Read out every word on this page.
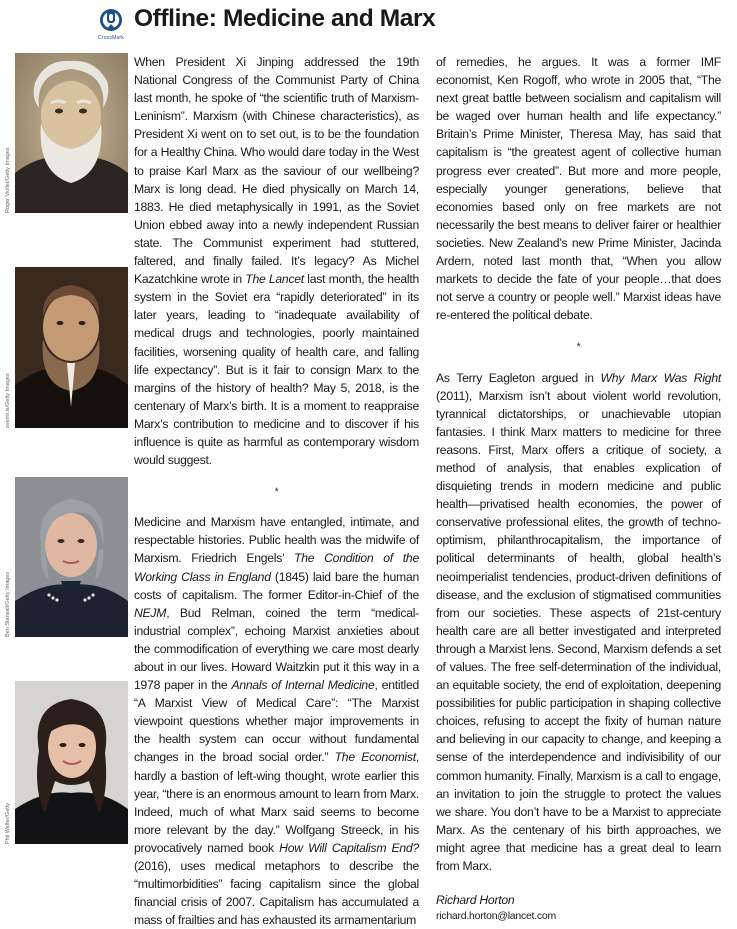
CrossMark
Offline: Medicine and Marx
Roger Viollet/Getty Images
sverrir.is/Getty Images
Ben Stansall/Getty Images
Phil Walter/Getty

When President Xi Jinping addressed the 19th National Congress of the Communist Party of China last month, he spoke of “the scientific truth of Marxism-Leninism”. Marxism (with Chinese characteristics), as President Xi went on to set out, is to be the foundation for a Healthy China. Who would dare today in the West to praise Karl Marx as the saviour of our wellbeing? Marx is long dead. He died physically on March 14, 1883. He died metaphysically in 1991, as the Soviet Union ebbed away into a newly independent Russian state. The Communist experiment had stuttered, faltered, and finally failed. It’s legacy? As Michel Kazatchkine wrote in The Lancet last month, the health system in the Soviet era “rapidly deteriorated” in its later years, leading to “inadequate availability of medical drugs and technologies, poorly maintained facilities, worsening quality of health care, and falling life expectancy”. But is it fair to consign Marx to the margins of the history of health? May 5, 2018, is the centenary of Marx’s birth. It is a moment to reappraise Marx’s contribution to medicine and to discover if his influence is quite as harmful as contemporary wisdom would suggest.

*

Medicine and Marxism have entangled, intimate, and respectable histories. Public health was the midwife of Marxism. Friedrich Engels’ The Condition of the Working Class in England (1845) laid bare the human costs of capitalism. The former Editor-in-Chief of the NEJM, Bud Relman, coined the term “medical-industrial complex”, echoing Marxist anxieties about the commodification of everything we care most dearly about in our lives. Howard Waitzkin put it this way in a 1978 paper in the Annals of Internal Medicine, entitled “A Marxist View of Medical Care”: “The Marxist viewpoint questions whether major improvements in the health system can occur without fundamental changes in the broad social order.” The Economist, hardly a bastion of left-wing thought, wrote earlier this year, “there is an enormous amount to learn from Marx. Indeed, much of what Marx said seems to become more relevant by the day.” Wolfgang Streeck, in his provocatively named book How Will Capitalism End? (2016), uses medical metaphors to describe the “multimorbidities” facing capitalism since the global financial crisis of 2007. Capitalism has accumulated a mass of frailties and has exhausted its armamentarium

of remedies, he argues. It was a former IMF economist, Ken Rogoff, who wrote in 2005 that, “The next great battle between socialism and capitalism will be waged over human health and life expectancy.” Britain’s Prime Minister, Theresa May, has said that capitalism is “the greatest agent of collective human progress ever created”. But more and more people, especially younger generations, believe that economies based only on free markets are not necessarily the best means to deliver fairer or healthier societies. New Zealand’s new Prime Minister, Jacinda Ardern, noted last month that, “When you allow markets to decide the fate of your people…that does not serve a country or people well.” Marxist ideas have re-entered the political debate.

*

As Terry Eagleton argued in Why Marx Was Right (2011), Marxism isn’t about violent world revolution, tyrannical dictatorships, or unachievable utopian fantasies. I think Marx matters to medicine for three reasons. First, Marx offers a critique of society, a method of analysis, that enables explication of disquieting trends in modern medicine and public health—privatised health economies, the power of conservative professional elites, the growth of techno-optimism, philanthrocapitalism, the importance of political determinants of health, global health’s neoimperialist tendencies, product-driven definitions of disease, and the exclusion of stigmatised communities from our societies. These aspects of 21st-century health care are all better investigated and interpreted through a Marxist lens. Second, Marxism defends a set of values. The free self-determination of the individual, an equitable society, the end of exploitation, deepening possibilities for public participation in shaping collective choices, refusing to accept the fixity of human nature and believing in our capacity to change, and keeping a sense of the interdependence and indivisibility of our common humanity. Finally, Marxism is a call to engage, an invitation to join the struggle to protect the values we share. You don’t have to be a Marxist to appreciate Marx. As the centenary of his birth approaches, we might agree that medicine has a great deal to learn from Marx.

Richard Horton

richard.horton@lancet.com
